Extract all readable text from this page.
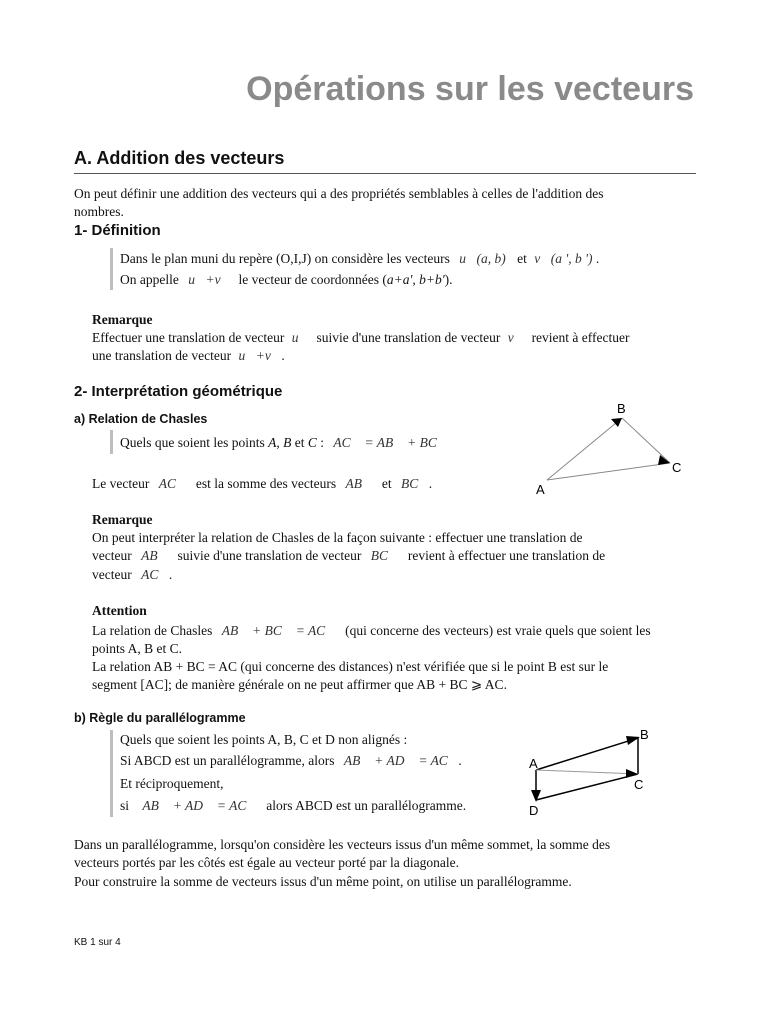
Opérations sur les vecteurs
A. Addition des vecteurs
On peut définir une addition des vecteurs qui a des propriétés semblables à celles de l'addition des
nombres.
1- Définition
Dans le plan muni du repère (O,I,J) on considère les vecteurs u⃗(a, b) et v⃗(a ', b ') .
On appelle u⃗+v⃗ le vecteur de coordonnées (a+a', b+b').
Remarque
Effectuer une translation de vecteur u⃗ suivie d'une translation de vecteur v⃗ revient à effectuer
une translation de vecteur u⃗+v⃗.
2- Interprétation géométrique
a) Relation de Chasles
Quels que soient les points A, B et C : AC⃗ = AB⃗ + BC⃗
Le vecteur AC⃗ est la somme des vecteurs AB⃗ et BC⃗.
B
C
A
Remarque
On peut interpréter la relation de Chasles de la façon suivante : effectuer une translation de
vecteur AB⃗ suivie d'une translation de vecteur BC⃗ revient à effectuer une translation de
vecteur AC⃗.
Attention
La relation de Chasles AB⃗ + BC⃗ = AC⃗ (qui concerne des vecteurs) est vraie quels que soient les
points A, B et C.
La relation AB + BC = AC (qui concerne des distances) n'est vérifiée que si le point B est sur le
segment [AC]; de manière générale on ne peut affirmer que AB + BC ⩾ AC.
b) Règle du parallélogramme
Quels que soient les points A, B, C et D non alignés :
Si ABCD est un parallélogramme, alors AB⃗ + AD⃗ = AC⃗.
Et réciproquement,
si AB⃗ + AD⃗ = AC⃗ alors ABCD est un parallélogramme.
B
A
C
D
Dans un parallélogramme, lorsqu'on considère les vecteurs issus d'un même sommet, la somme des
vecteurs portés par les côtés est égale au vecteur porté par la diagonale.
Pour construire la somme de vecteurs issus d'un même point, on utilise un parallélogramme.
KB 1 sur 4
